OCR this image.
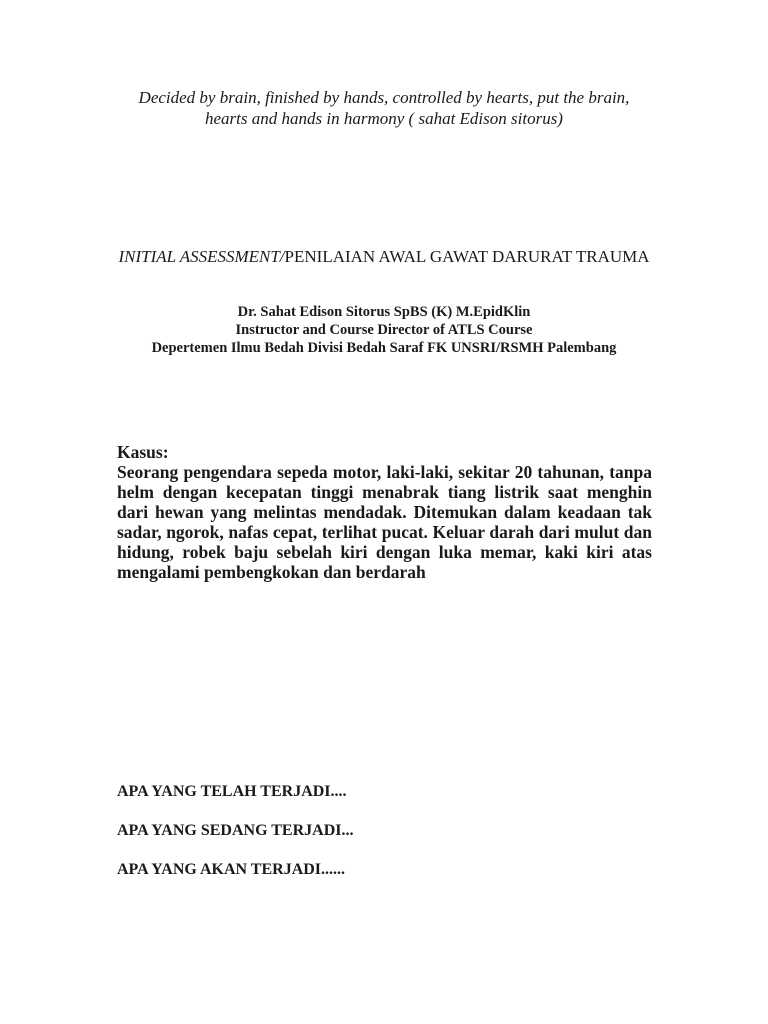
Decided by brain, finished by hands, controlled by hearts, put the brain,
hearts and hands in harmony ( sahat Edison sitorus)
INITIAL ASSESSMENT/PENILAIAN AWAL GAWAT DARURAT TRAUMA
Dr. Sahat Edison Sitorus SpBS (K) M.EpidKlin
Instructor and Course Director of ATLS Course
Depertemen Ilmu Bedah Divisi Bedah Saraf FK UNSRI/RSMH Palembang
Kasus:
Seorang pengendara sepeda motor, laki-laki, sekitar 20 tahunan, tanpa helm dengan kecepatan tinggi menabrak tiang listrik saat menghin dari hewan yang melintas mendadak. Ditemukan dalam keadaan tak sadar, ngorok, nafas cepat, terlihat pucat. Keluar darah dari mulut dan hidung, robek baju sebelah kiri dengan luka memar, kaki kiri atas mengalami pembengkokan dan berdarah
APA YANG TELAH TERJADI....
APA YANG SEDANG TERJADI...
APA YANG AKAN TERJADI......
